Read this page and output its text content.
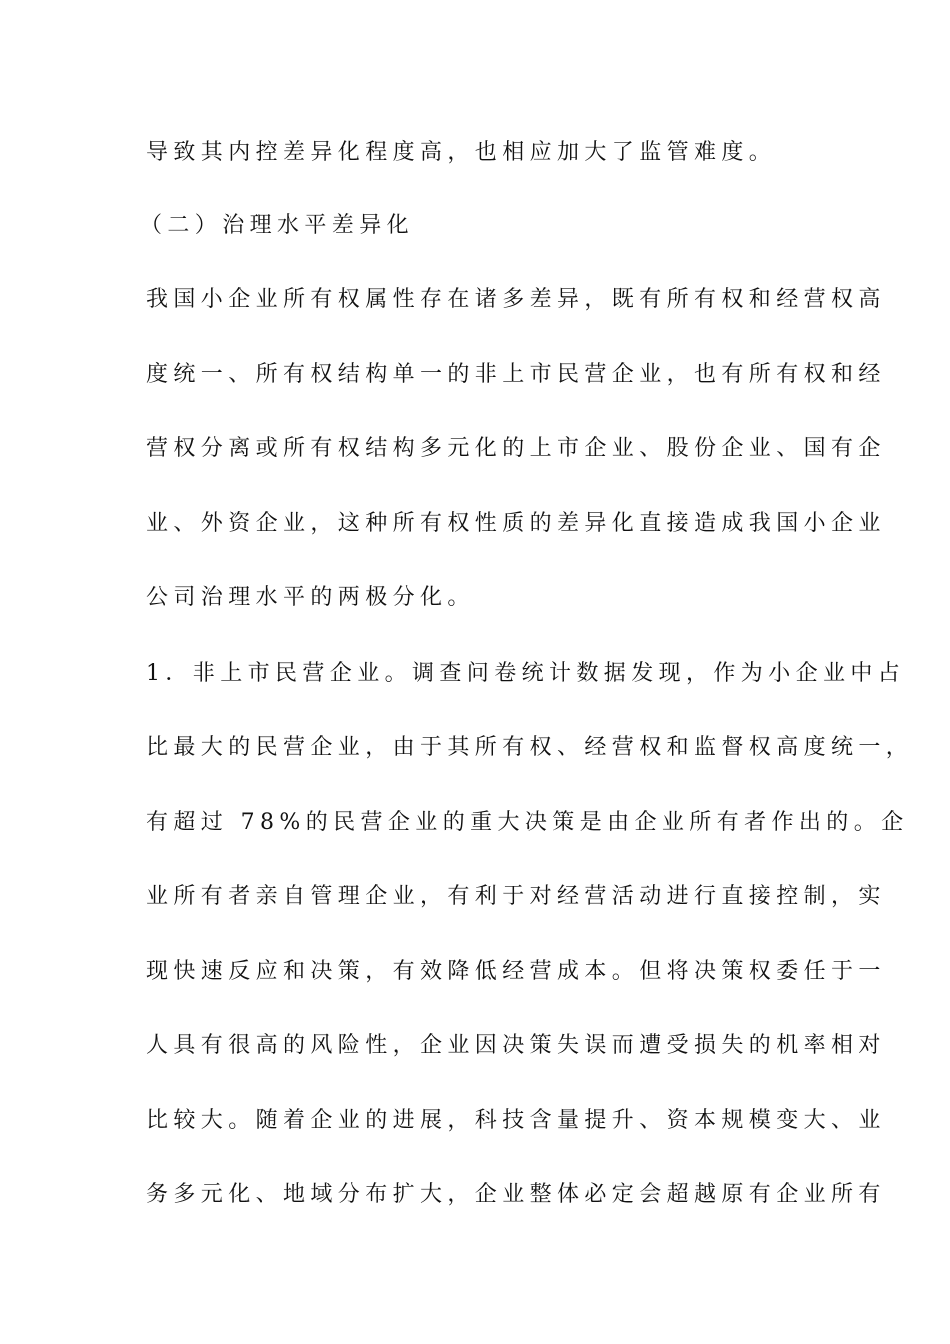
导致其内控差异化程度高，也相应加大了监管难度。
（二）治理水平差异化
我国小企业所有权属性存在诸多差异，既有所有权和经营权高
度统一、所有权结构单一的非上市民营企业，也有所有权和经
营权分离或所有权结构多元化的上市企业、股份企业、国有企
业、外资企业，这种所有权性质的差异化直接造成我国小企业
公司治理水平的两极分化。
1．非上市民营企业。调查问卷统计数据发现，作为小企业中占
比最大的民营企业，由于其所有权、经营权和监督权高度统一，
有超过 78%的民营企业的重大决策是由企业所有者作出的。企
业所有者亲自管理企业，有利于对经营活动进行直接控制，实
现快速反应和决策，有效降低经营成本。但将决策权委任于一
人具有很高的风险性，企业因决策失误而遭受损失的机率相对
比较大。随着企业的进展，科技含量提升、资本规模变大、业
务多元化、地域分布扩大，企业整体必定会超越原有企业所有
